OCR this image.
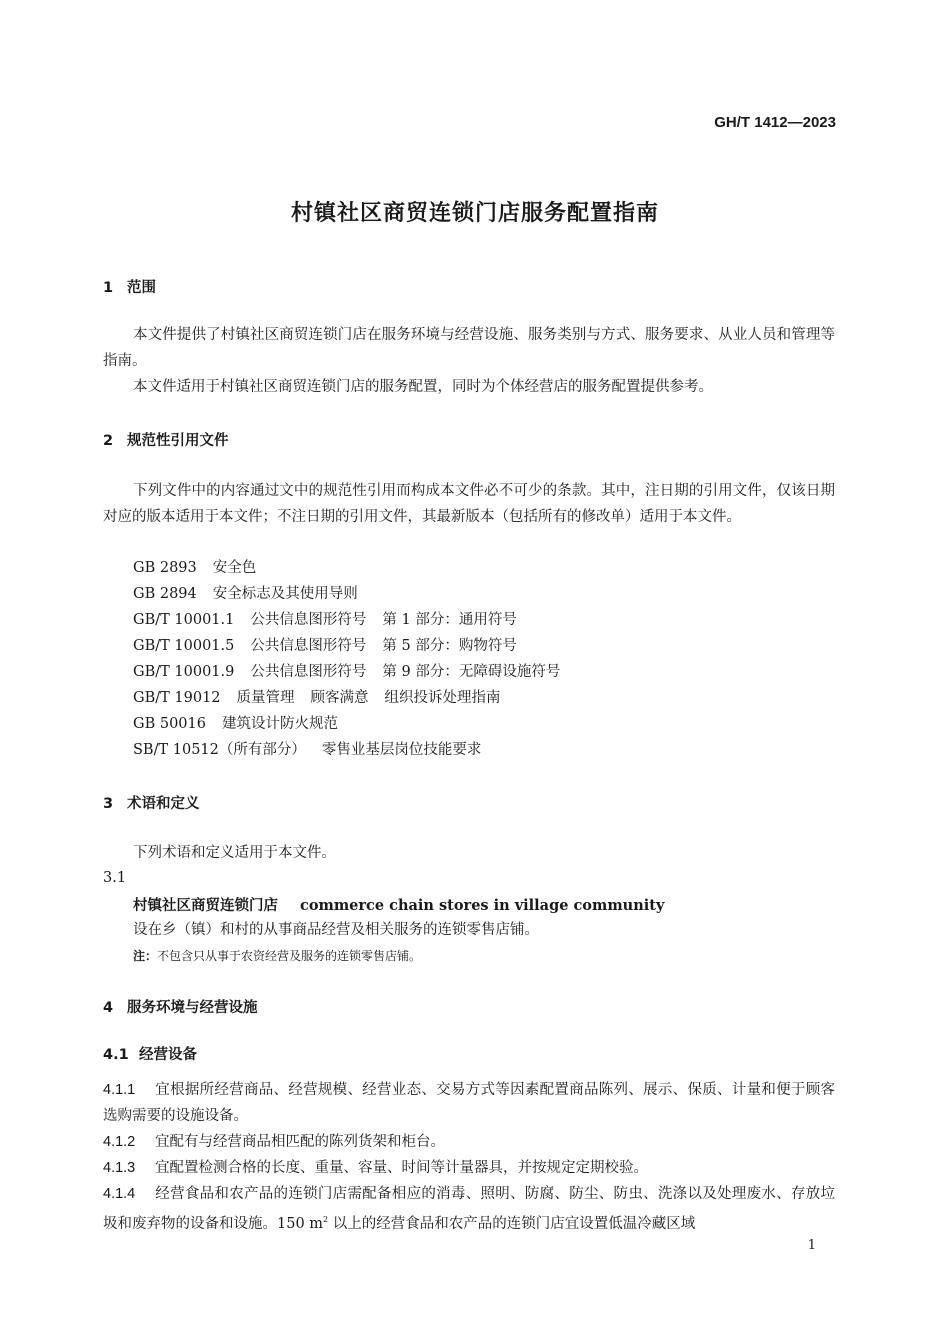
GH/T 1412—2023
村镇社区商贸连锁门店服务配置指南
1 范围
本文件提供了村镇社区商贸连锁门店在服务环境与经营设施、服务类别与方式、服务要求、从业人员和管理等指南。
本文件适用于村镇社区商贸连锁门店的服务配置，同时为个体经营店的服务配置提供参考。
2 规范性引用文件
下列文件中的内容通过文中的规范性引用而构成本文件必不可少的条款。其中，注日期的引用文件，仅该日期对应的版本适用于本文件；不注日期的引用文件，其最新版本（包括所有的修改单）适用于本文件。
GB 2893 安全色
GB 2894 安全标志及其使用导则
GB/T 10001.1 公共信息图形符号 第 1 部分：通用符号
GB/T 10001.5 公共信息图形符号 第 5 部分：购物符号
GB/T 10001.9 公共信息图形符号 第 9 部分：无障碍设施符号
GB/T 19012 质量管理 顾客满意 组织投诉处理指南
GB 50016 建筑设计防火规范
SB/T 10512（所有部分） 零售业基层岗位技能要求
3 术语和定义
下列术语和定义适用于本文件。
3.1
村镇社区商贸连锁门店 commerce chain stores in village community
设在乡（镇）和村的从事商品经营及相关服务的连锁零售店铺。
注：不包含只从事于农资经营及服务的连锁零售店铺。
4 服务环境与经营设施
4.1 经营设备
4.1.1 宜根据所经营商品、经营规模、经营业态、交易方式等因素配置商品陈列、展示、保质、计量和便于顾客选购需要的设施设备。
4.1.2 宜配有与经营商品相匹配的陈列货架和柜台。
4.1.3 宜配置检测合格的长度、重量、容量、时间等计量器具，并按规定定期校验。
4.1.4 经营食品和农产品的连锁门店需配备相应的消毒、照明、防腐、防尘、防虫、洗涤以及处理废水、存放垃圾和废弃物的设备和设施。150 $m^2$ 以上的经营食品和农产品的连锁门店宜设置低温冷藏区域
1
